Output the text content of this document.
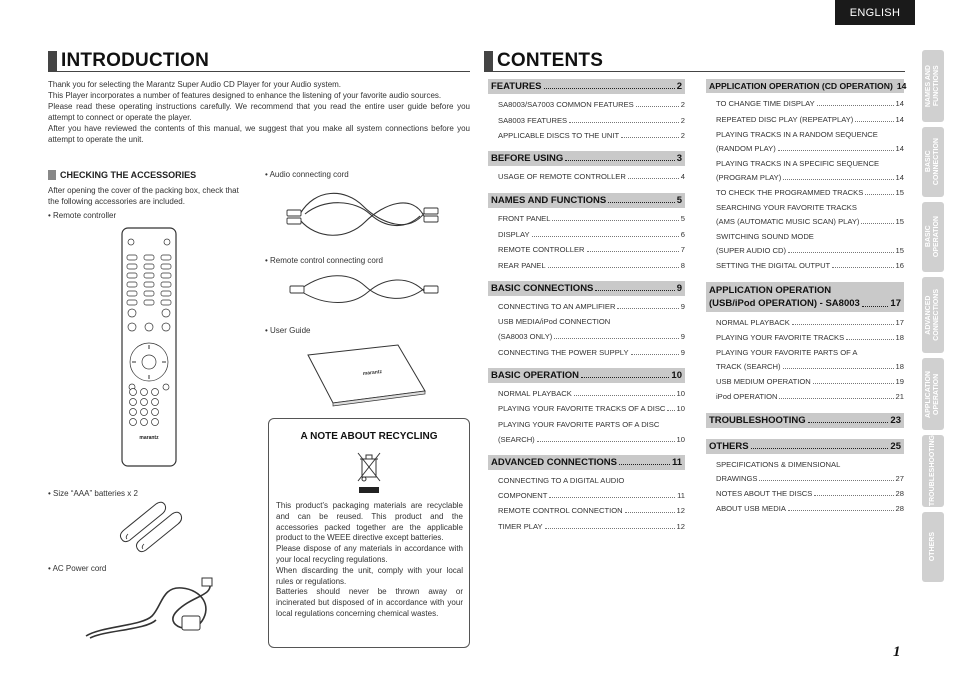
ENGLISH
INTRODUCTION

Thank you for selecting the Marantz Super Audio CD Player for your Audio system.

This Player incorporates a number of features designed to enhance the listening of your favorite audio sources.

Please read these operating instructions carefully. We recommend that you read the entire user guide before you attempt to connect or operate the player.

After you have reviewed the contents of this manual, we suggest that you make all system connections before you attempt to operate the unit.

CHECKING THE ACCESSORIES
After opening the cover of the packing box, check that the following accessories are included.
• Remote controller
marantz
• Audio connecting cord
• Remote control connecting cord
• User Guide
marantz
A NOTE ABOUT RECYCLING

This product’s packaging materials are recyclable and can be reused. This product and the accessories packed together are the applicable product to the WEEE directive except batteries.

Please dispose of any materials in accordance with your local recycling regulations.

When discarding the unit, comply with your local rules or regulations.

Batteries should never be thrown away or incinerated but disposed of in accordance with your local regulations concerning chemical wastes.

• Size “AAA” batteries x 2
• AC Power cord
CONTENTS
FEATURES	2
SA8003/SA7003 COMMON FEATURES	2
SA8003 FEATURES	2
APPLICABLE DISCS TO THE UNIT	2
BEFORE USING	3
USAGE OF REMOTE CONTROLLER	4
NAMES AND FUNCTIONS	5
FRONT PANEL	5
DISPLAY	6
REMOTE CONTROLLER	7
REAR PANEL	8
BASIC CONNECTIONS	9
CONNECTING TO AN AMPLIFIER	9
USB MEDIA/iPod CONNECTION
(SA8003 ONLY)	9
CONNECTING THE POWER SUPPLY	9
BASIC OPERATION	10
NORMAL PLAYBACK	10
PLAYING YOUR FAVORITE TRACKS OF A DISC 10
PLAYING YOUR FAVORITE PARTS OF A DISC
(SEARCH)	10
ADVANCED CONNECTIONS	11
CONNECTING TO A DIGITAL AUDIO
COMPONENT	11
REMOTE CONTROL CONNECTION	12
TIMER PLAY	12
APPLICATION OPERATION (CD OPERATION) 14
TO CHANGE TIME DISPLAY	14
REPEATED DISC PLAY (REPEATPLAY)	14
PLAYING TRACKS IN A RANDOM SEQUENCE
(RANDOM PLAY)	14
PLAYING TRACKS IN A SPECIFIC SEQUENCE
(PROGRAM PLAY)	14
TO CHECK THE PROGRAMMED TRACKS	15
SEARCHING YOUR FAVORITE TRACKS
(AMS (AUTOMATIC MUSIC SCAN) PLAY)	15
SWITCHING SOUND MODE
(SUPER AUDIO CD)	15
SETTING THE DIGITAL OUTPUT	16
APPLICATION OPERATION
(USB/iPod OPERATION) - SA8003	17
NORMAL PLAYBACK	17
PLAYING YOUR FAVORITE TRACKS	18
PLAYING YOUR FAVORITE PARTS OF A
TRACK (SEARCH)	18
USB MEDIUM OPERATION	19
iPod OPERATION	21
TROUBLESHOOTING	23
OTHERS	25
SPECIFICATIONS & DIMENSIONAL
DRAWINGS	27
NOTES ABOUT THE DISCS	28
ABOUT USB MEDIA	28
NAMES AND
FUNCTIONS
BASIC
CONNECTION
BASIC
OPERATION
ADVANCED
CONNECTIONS
APPLICATION
OPERATION
TROUBLESHOOTING
OTHERS
1
